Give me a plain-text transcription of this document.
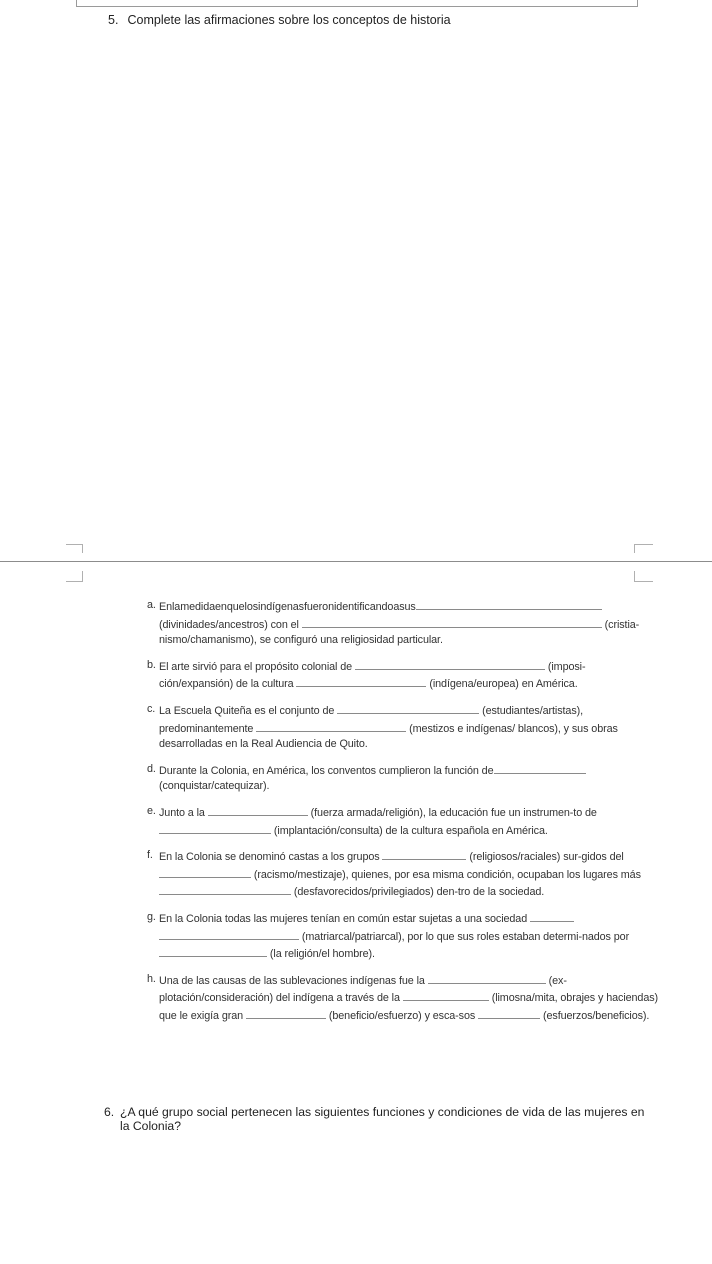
5. Complete las afirmaciones sobre los conceptos de historia
a. Enlamedidaenquelosindígenasfueronidentificandoasus (divinidades/ancestros) con el	(cristia-nismo/chamanismo), se configuró una religiosidad particular.
b. El arte sirvió para el propósito colonial de	(imposi-ción/expansión) de la cultura	(indígena/europea) en América.
c. La Escuela Quiteña es el conjunto de	(estudiantes/artistas), predominantemente	(mestizos e indígenas/ blancos), y sus obras desarrolladas en la Real Audiencia de Quito.
d. Durante la Colonia, en América, los conventos cumplieron la función de (conquistar/catequizar).
e. Junto a la	(fuerza armada/religión), la educación fue un instrumen-to de  (implantación/consulta) de la cultura española en América.
f. En la Colonia se denominó castas a los grupos	(religiosos/raciales) sur-gidos del  (racismo/mestizaje), quienes, por esa misma condición, ocupaban los lugares más  (desfavorecidos/privilegiados) den-tro de la sociedad.
g. En la Colonia todas las mujeres tenían en común estar sujetas a una sociedad   (matriarcal/patriarcal), por lo que sus roles estaban determi-nados por  (la religión/el hombre).
h. Una de las causas de las sublevaciones indígenas fue la	(ex-plotación/consideración) del indígena a través de la	(limosna/mita, obrajes y haciendas) que le exigía gran	(beneficio/esfuerzo) y esca-sos	(esfuerzos/beneficios).
6. ¿A qué grupo social pertenecen las siguientes funciones y condiciones de vida de las mujeres en la Colonia?
